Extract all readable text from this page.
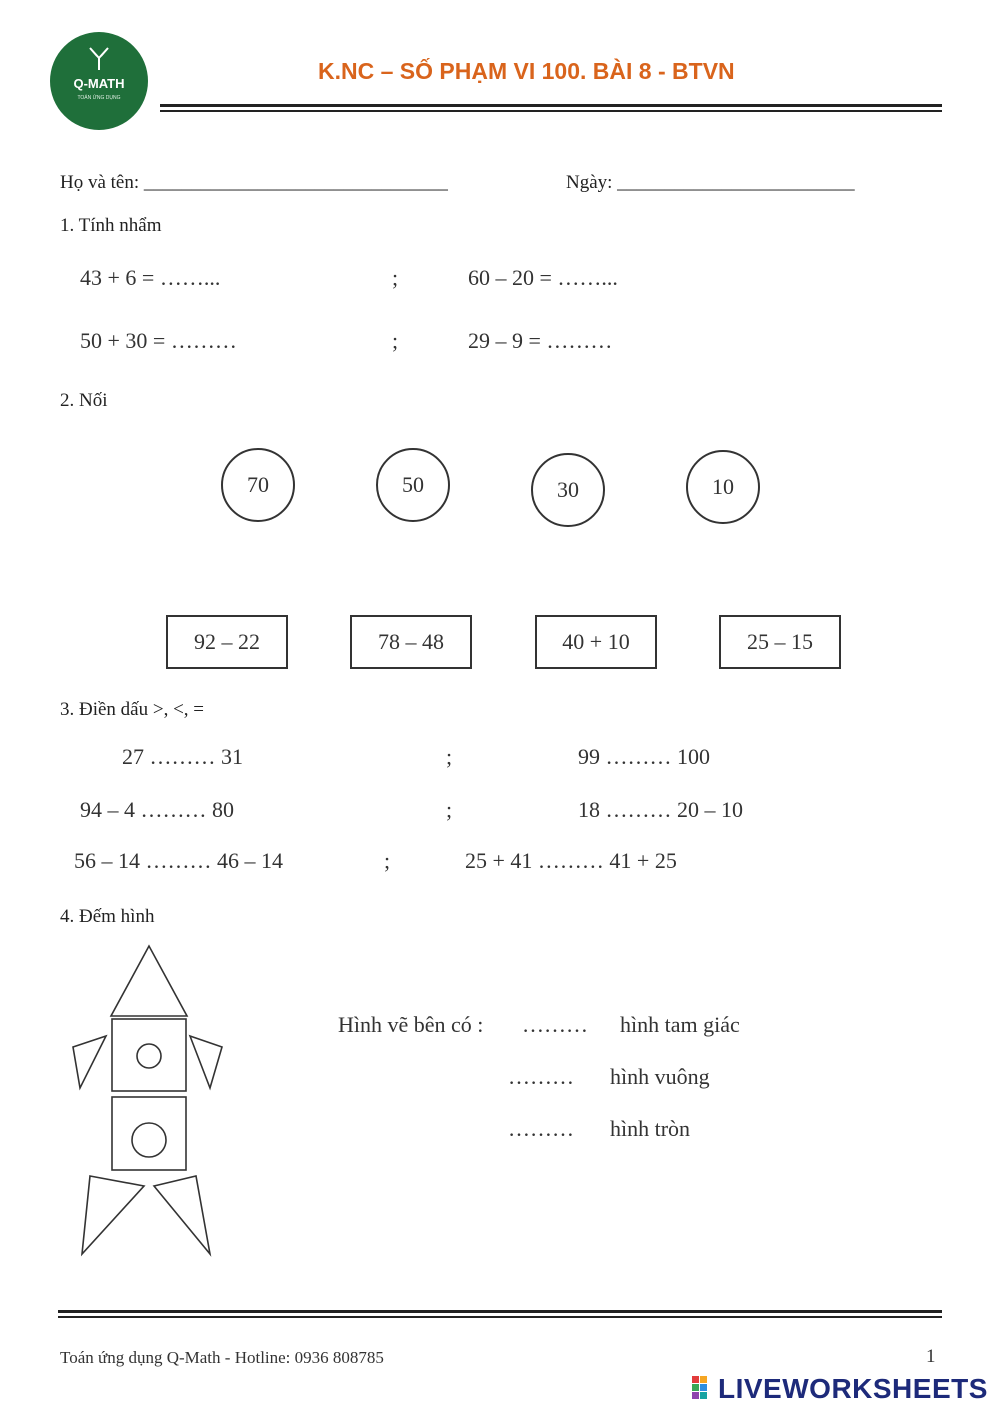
Q-MATH
TOÁN ỨNG DỤNG
K.NC – SỐ PHẠM VI 100. BÀI 8 - BTVN
Họ và tên: ________________________________	Ngày: _________________________
1. Tính nhẩm
43 + 6 = ……...	;	60 – 20 = ……...
50 + 30 = ………	;	29 – 9 = ………
2. Nối
70	50	30	10
92 – 22	78 – 48	40 + 10	25 – 15
3. Điền dấu >, <, =
27 ……… 31	;	99 ……… 100
94 – 4 ……… 80	;	18 ……… 20 – 10
56 – 14 ……… 46 – 14	;	25 + 41 ……… 41 + 25
4. Đếm hình
Hình vẽ bên có : ……… hình tam giác
……… hình vuông
……… hình tròn
Toán ứng dụng Q-Math - Hotline: 0936 808785	1
LIVEWORKSHEETS
